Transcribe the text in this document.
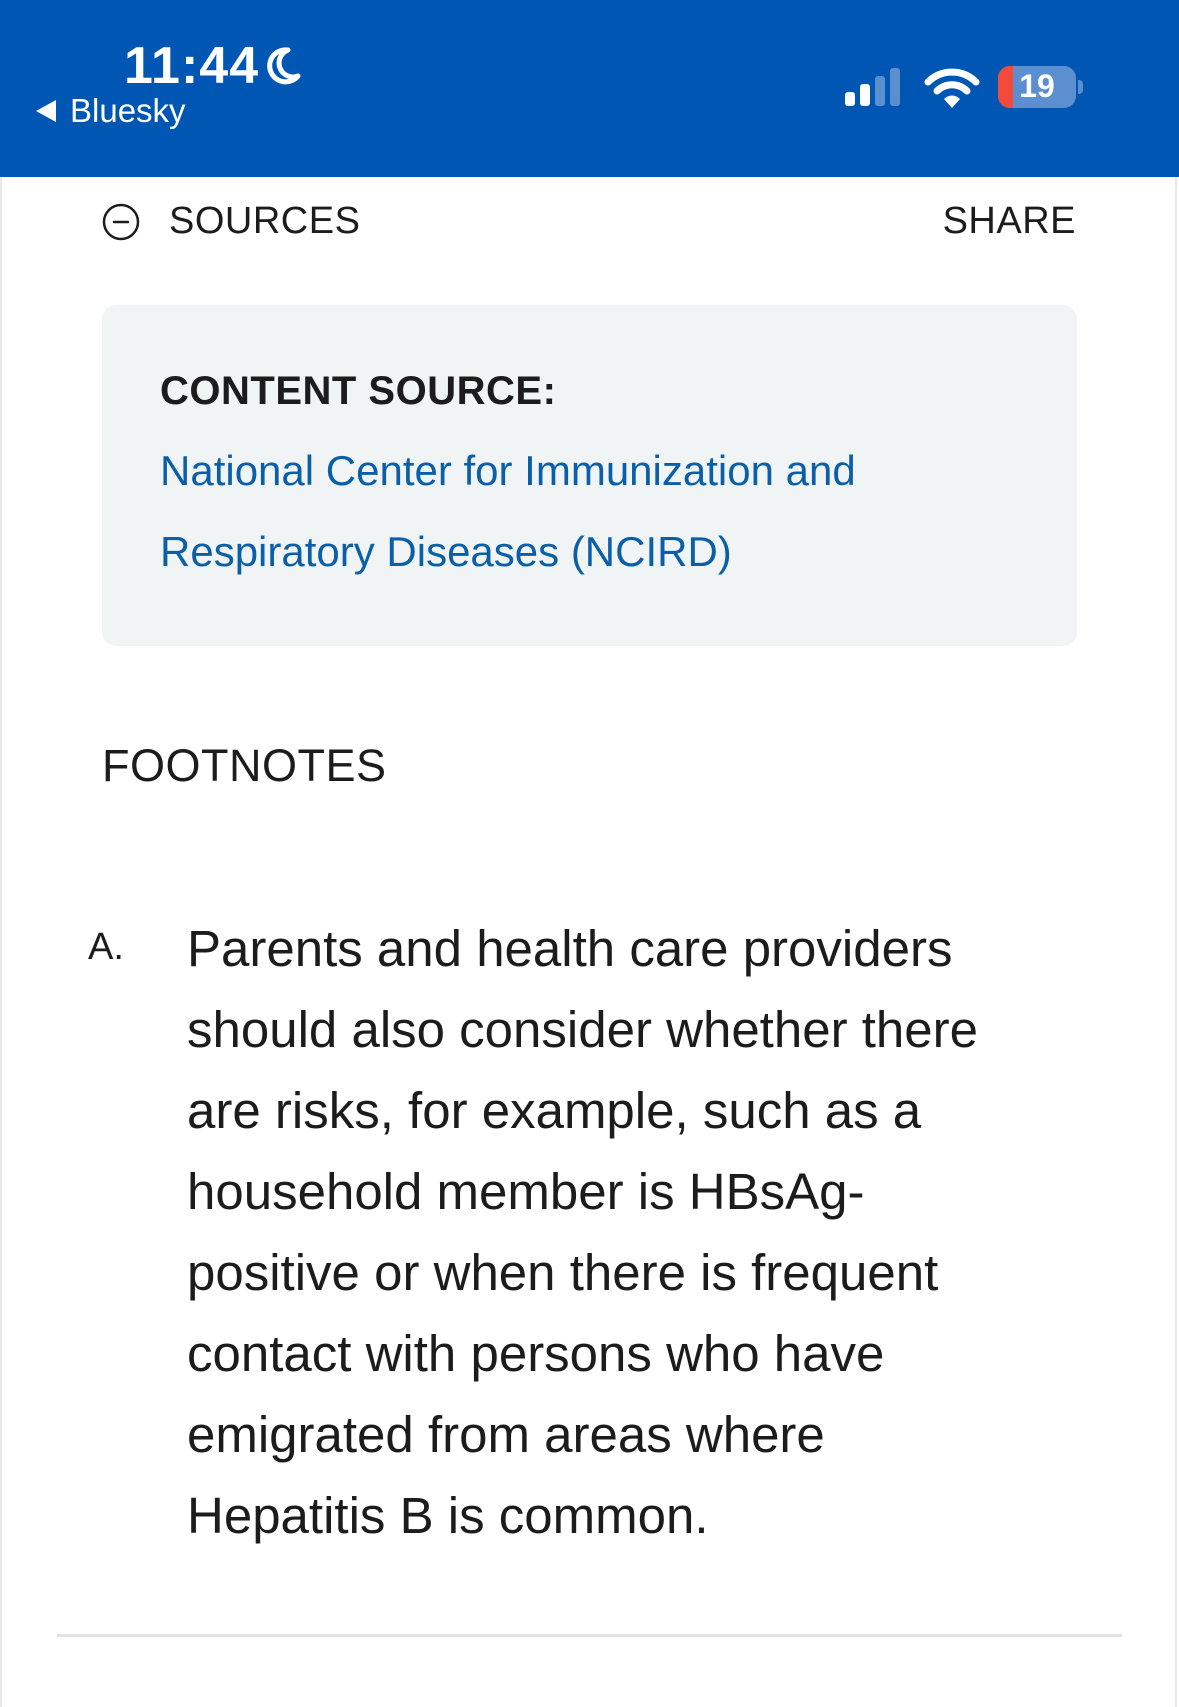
11:44
Bluesky
19
SOURCES	SHARE
CONTENT SOURCE:
National Center for Immunization and Respiratory Diseases (NCIRD)
FOOTNOTES
A. Parents and health care providers should also consider whether there are risks, for example, such as a household member is HBsAg-positive or when there is frequent contact with persons who have emigrated from areas where Hepatitis B is common.
